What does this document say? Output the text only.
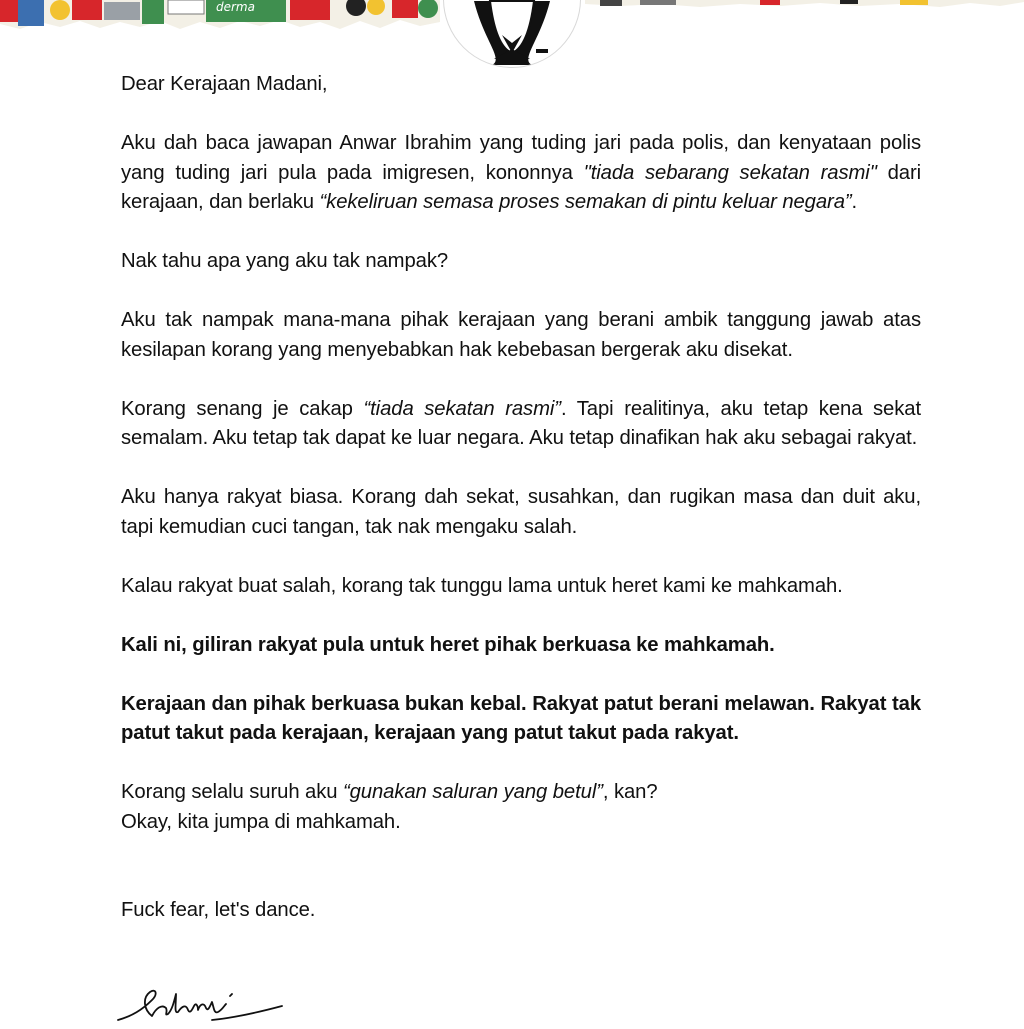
derma

Dear Kerajaan Madani,

Aku dah baca jawapan Anwar Ibrahim yang tuding jari pada polis, dan kenyataan polis yang tuding jari pula pada imigresen, kononnya "tiada sebarang sekatan rasmi" dari kerajaan, dan berlaku “kekeliruan semasa proses semakan di pintu keluar negara”.

Nak tahu apa yang aku tak nampak?

Aku tak nampak mana-mana pihak kerajaan yang berani ambik tanggung jawab atas kesilapan korang yang menyebabkan hak kebebasan bergerak aku disekat.

Korang senang je cakap “tiada sekatan rasmi”. Tapi realitinya, aku tetap kena sekat semalam. Aku tetap tak dapat ke luar negara. Aku tetap dinafikan hak aku sebagai rakyat.

Aku hanya rakyat biasa. Korang dah sekat, susahkan, dan rugikan masa dan duit aku, tapi kemudian cuci tangan, tak nak mengaku salah.

Kalau rakyat buat salah, korang tak tunggu lama untuk heret kami ke mahkamah.

Kali ni, giliran rakyat pula untuk heret pihak berkuasa ke mahkamah.

Kerajaan dan pihak berkuasa bukan kebal. Rakyat patut berani melawan. Rakyat tak patut takut pada kerajaan, kerajaan yang patut takut pada rakyat.

Korang selalu suruh aku “gunakan saluran yang betul”, kan?

Okay, kita jumpa di mahkamah.

Fuck fear, let's dance.
